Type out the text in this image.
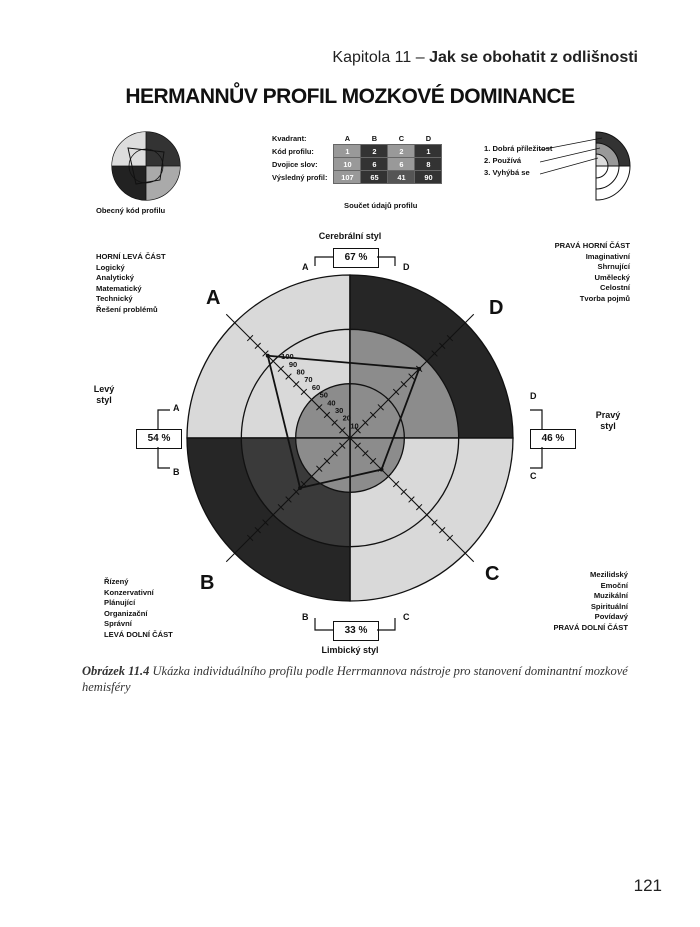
Kapitola 11 – Jak se obohatit z odlišnosti
HERMANNŮV PROFIL MOZKOVÉ DOMINANCE
Obecný kód profilu
Kvadrant:	A	B	C	D
Kód profilu:	1	2	2	1
Dvojice slov:	10	6	6	8
Výsledný profil:	107	65	41	90
Součet údajů profilu
1. Dobrá příležitost
2. Používá
3. Vyhýbá se
100
90
80
70
60
50
40
30
20
10
Cerebrální styl
67 %
A	D
33 %
B	C
Limbický styl
Levý
styl
54 %
A
B
Pravý
styl
46 %
D
C
A
B	C
D
HORNÍ LEVÁ ČÁST
Logický
Analytický
Matematický
Technický
Řešení problémů
PRAVÁ HORNÍ ČÁST
Imaginativní
Shrnující
Umělecký
Celostní
Tvorba pojmů
Řízený
Konzervativní
Plánující
Organizační
Správní
LEVÁ DOLNÍ ČÁST
Mezilidský
Emoční
Muzikální
Spirituální
Povídavý
PRAVÁ DOLNÍ ČÁST
Obrázek 11.4 Ukázka individuálního profilu podle Herrmannova nástroje pro stanovení dominantní mozkové hemisféry
121
